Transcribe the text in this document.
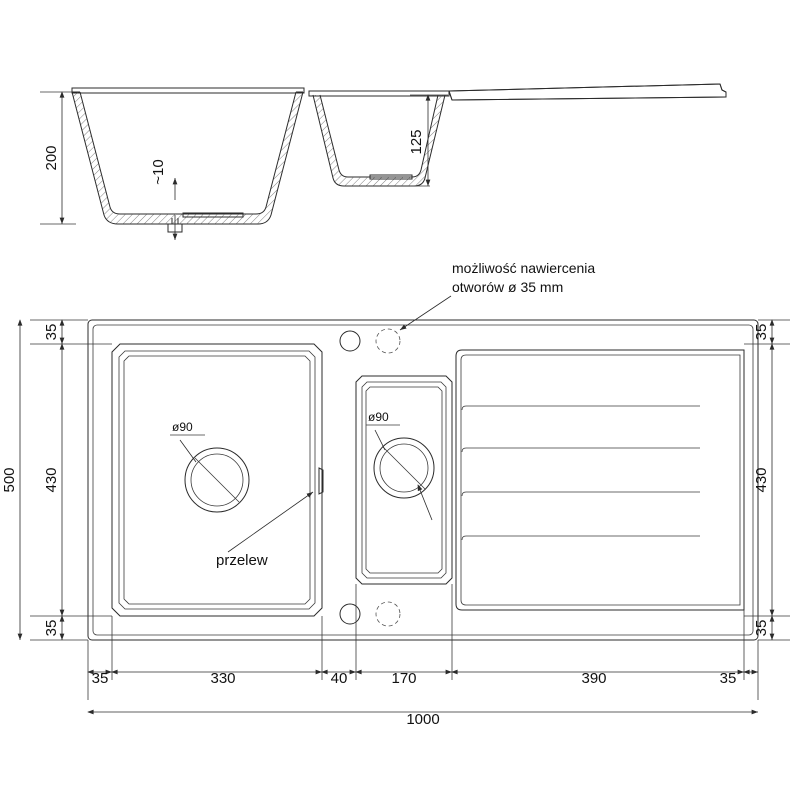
200
~10
125
ø90
przelew
ø90
możliwość nawiercenia
otworów ø 35 mm
35
430
35
500
35
430
35
35	330	40	170	390	35
1000
